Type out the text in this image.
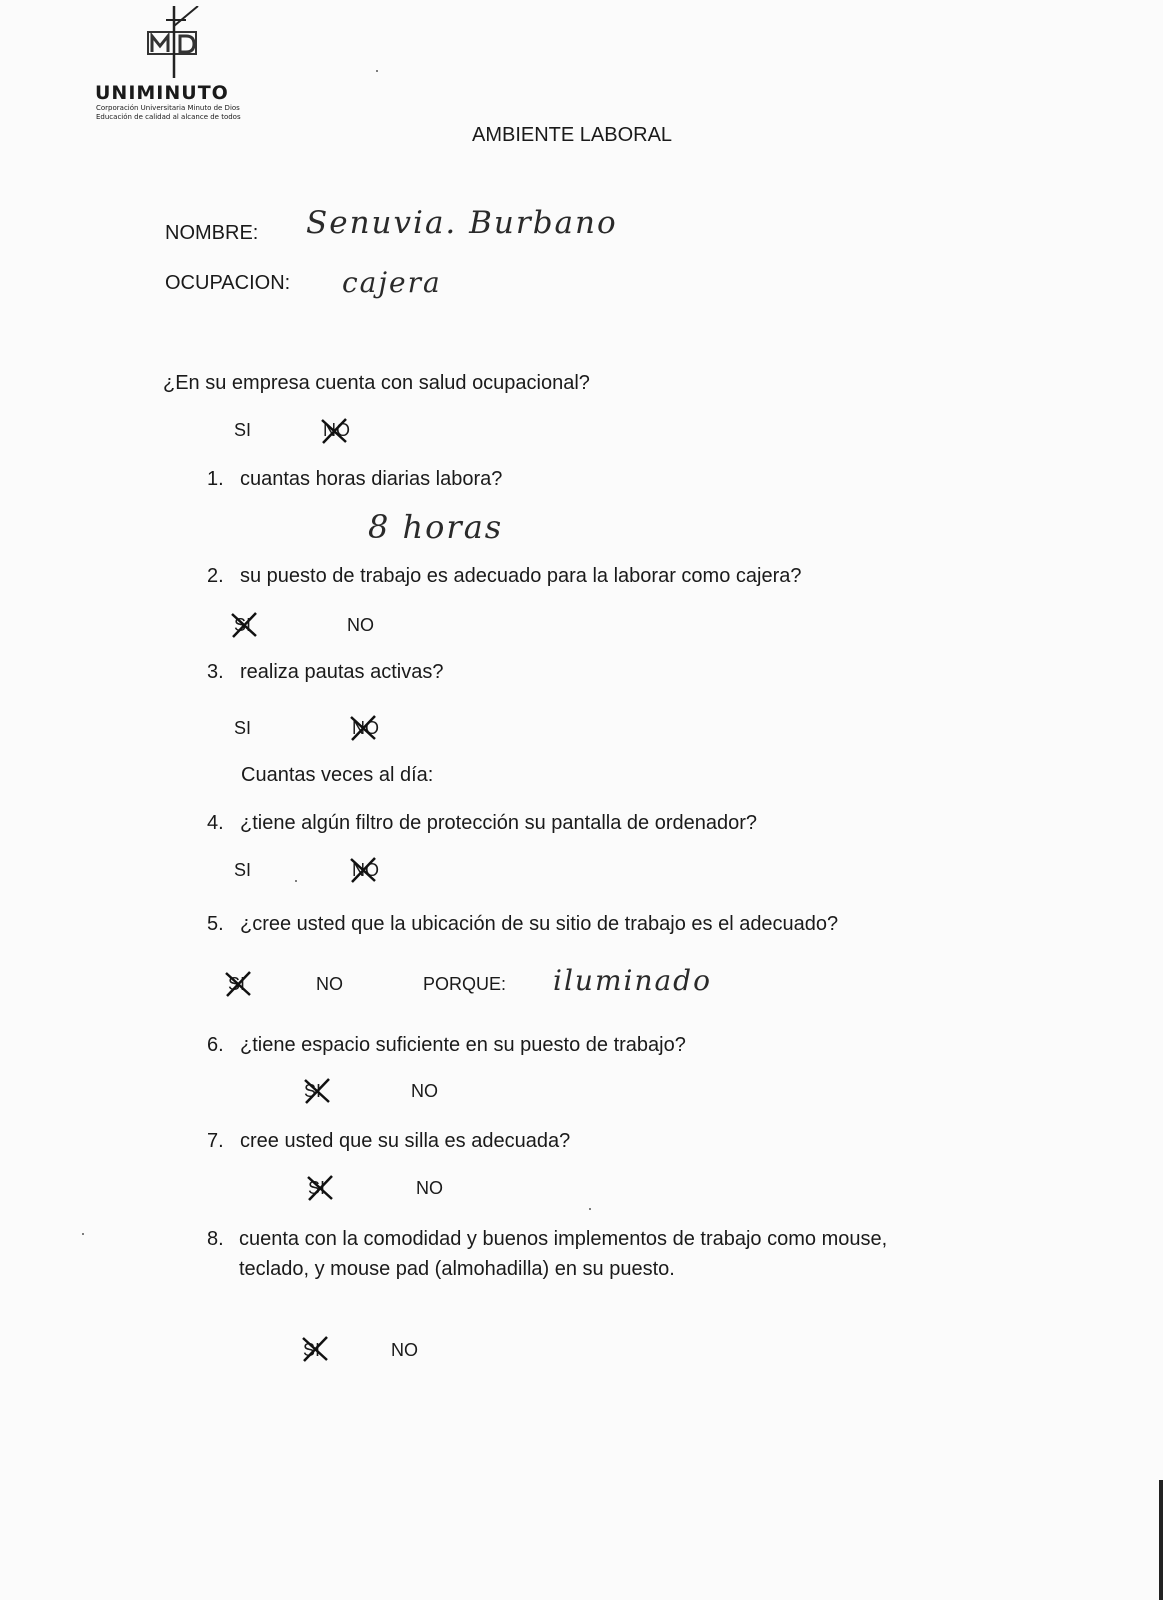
UNIMINUTO
Corporación Universitaria Minuto de Dios
Educación de calidad al alcance de todos
AMBIENTE LABORAL
NOMBRE: Senuvia. Burbano
OCUPACION: cajera
¿En su empresa cuenta con salud ocupacional?
SI	NO
1. cuantas horas diarias labora?
8 horas
2. su puesto de trabajo es adecuado para la laborar como cajera?
SI	NO
3. realiza pautas activas?
SI	NO
Cuantas veces al día:
4. ¿tiene algún filtro de protección su pantalla de ordenador?
SI	NO
5. ¿cree usted que la ubicación de su sitio de trabajo es el adecuado?
SI	NO	PORQUE: iluminado
6. ¿tiene espacio suficiente en su puesto de trabajo?
SI	NO
7. cree usted que su silla es adecuada?
SI	NO
8. cuenta con la comodidad y buenos implementos de trabajo como mouse,
teclado, y mouse pad (almohadilla) en su puesto.
SI	NO
